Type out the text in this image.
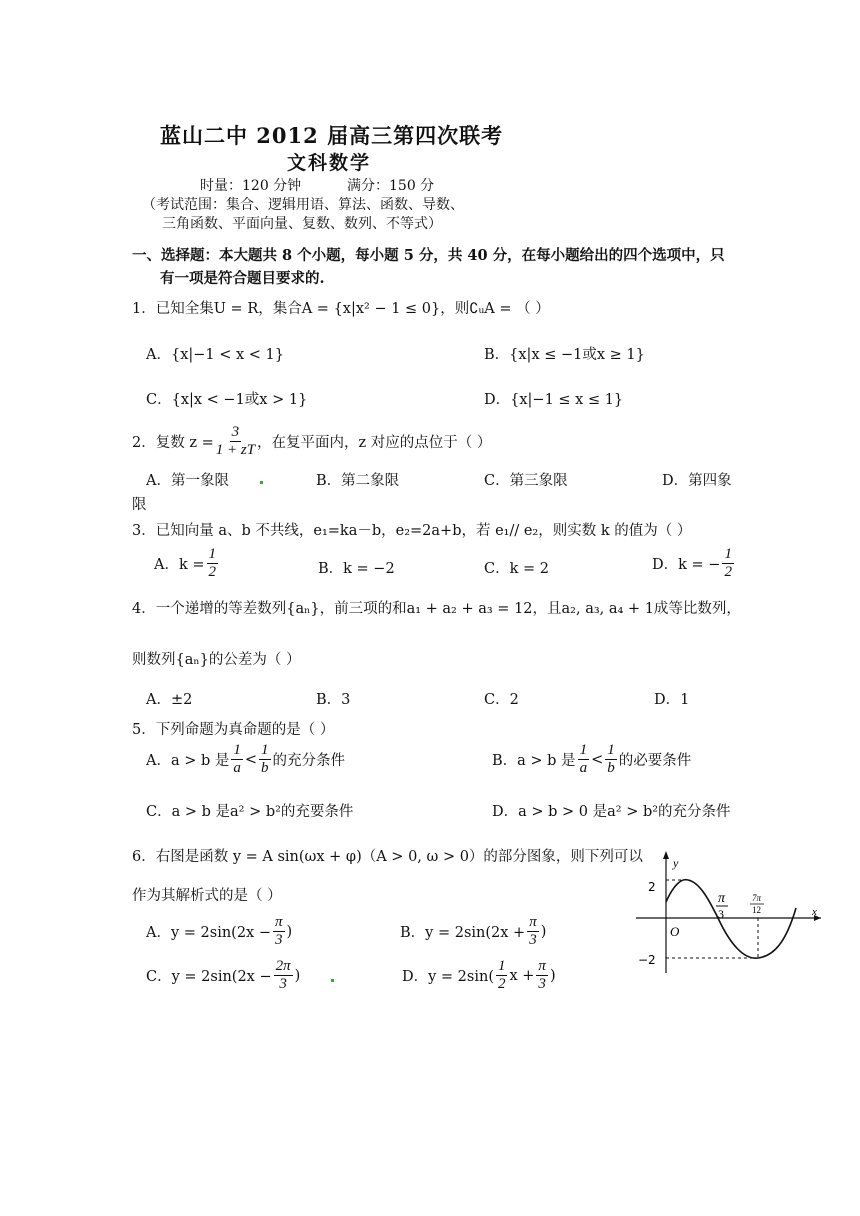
蓝山二中 2012 届高三第四次联考
文科数学
时量：120 分钟	满分：150 分
（考试范围：集合、逻辑用语、算法、函数、导数、
三角函数、平面向量、复数、数列、不等式）
一、选择题：本大题共 8 个小题，每小题 5 分，共 40 分，在每小题给出的四个选项中，只
有一项是符合题目要求的.
1．已知全集U = R，集合A = {x|x² − 1 ≤ 0}，则∁ᵤA = （ ）
A．{x|−1 < x < 1}	B．{x|x ≤ −1或x ≥ 1}
C．{x|x < −1或x > 1}	D．{x|−1 ≤ x ≤ 1}
2．复数 $z = \frac{3}{1 + zT}$ ，在复平面内，z 对应的点位于（ ）
A．第一象限	B．第二象限	C．第三象限	D．第四象
限
3．已知向量 a、b 不共线，e₁=ka－b，e₂=2a+b，若 e₁// e₂，则实数 k 的值为（ ）
A．$k = \frac{1}{2}$	B．k = −2	C．k = 2	D．k = − $\frac{1}{2}$
4．一个递增的等差数列{aₙ}，前三项的和a₁ + a₂ + a₃ = 12，且a₂, a₃, a₄ + 1成等比数列，
则数列{aₙ}的公差为（ ）
A．±2	B．3	C．2	D．1
5．下列命题为真命题的是（ ）
A．a > b 是 $\frac{1}{a} < \frac{1}{b}$ 的充分条件	B．a > b 是 $\frac{1}{a} < \frac{1}{b}$ 的必要条件
C．a > b 是a² > b²的充要条件	D．a > b > 0 是a² > b²的充分条件
6．右图是函数 y = A sin(ωx + φ)（A > 0, ω > 0）的部分图象，则下列可以
作为其解析式的是（ ）
A．$y = 2\sin(2x - \frac{\pi}{3}$ )	B．$y = 2\sin(2x + \frac{\pi}{3}$ )
C．$y = 2\sin(2x - \frac{2\pi}{3}$ )	D．$y = 2\sin( \frac{1}{2}$ $x + \frac{\pi}{3}$ )
y
x
O
2
−2
π
3
7π
12
